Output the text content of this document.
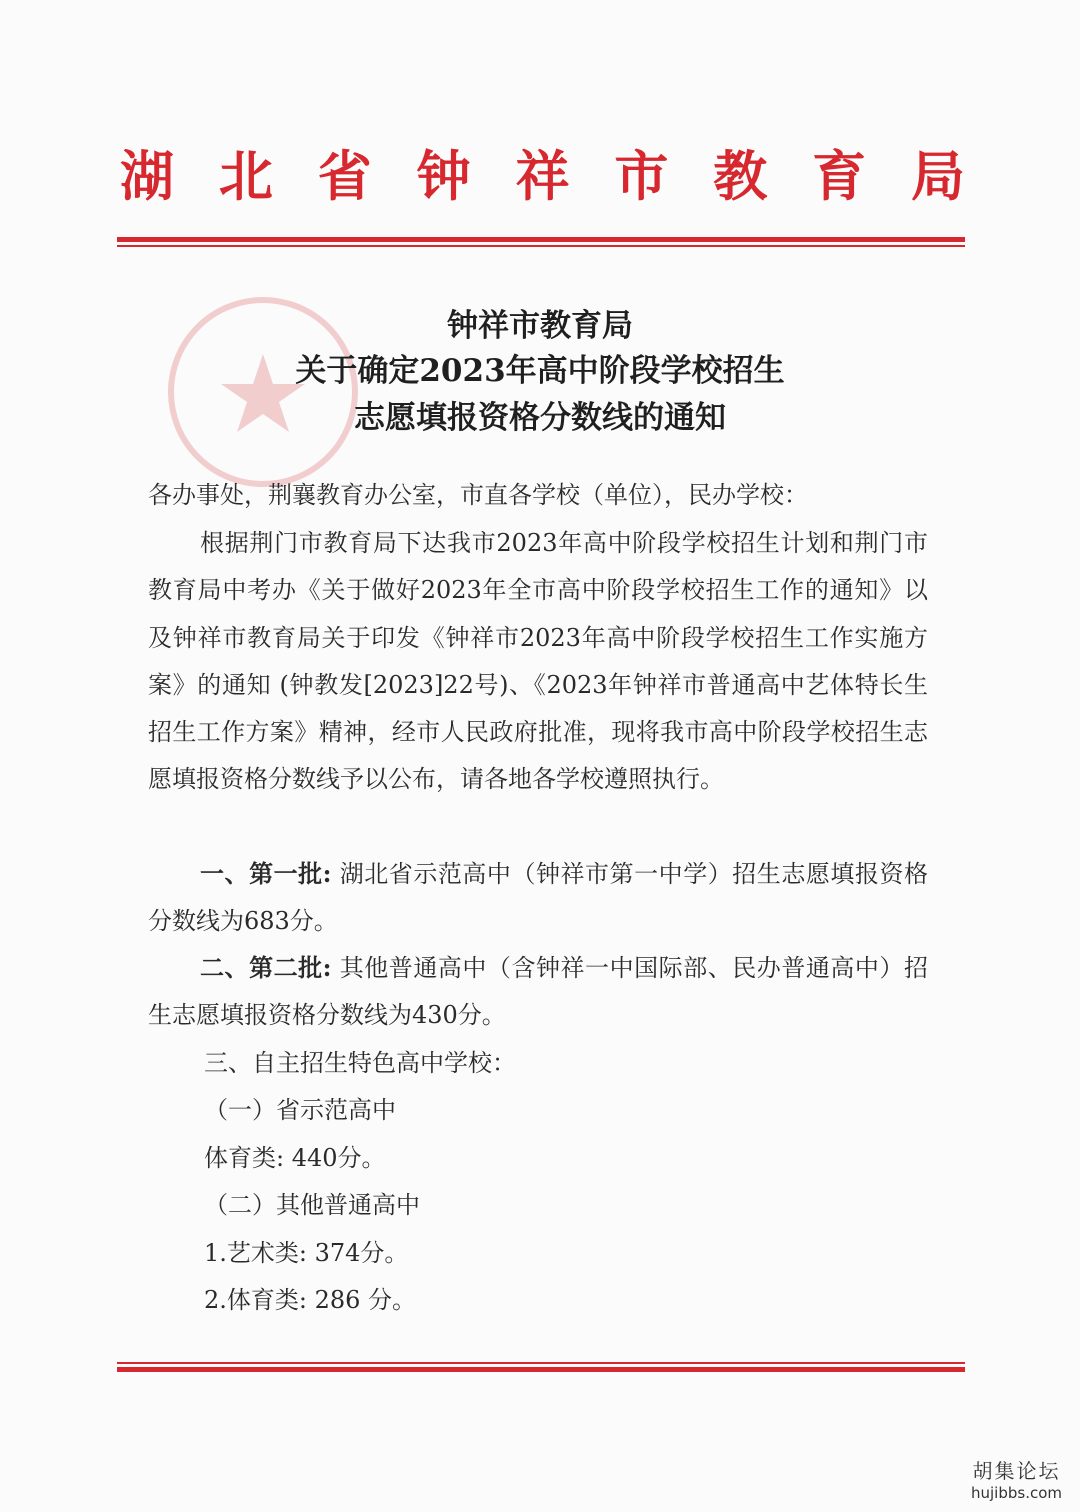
湖 北 省 钟 祥 市 教 育 局
钟祥市教育局
关于确定2023年高中阶段学校招生
志愿填报资格分数线的通知
各办事处，荆襄教育办公室，市直各学校（单位），民办学校：
根据荆门市教育局下达我市2023年高中阶段学校招生计划和荆门市教育局中考办《关于做好2023年全市高中阶段学校招生工作的通知》以及钟祥市教育局关于印发《钟祥市2023年高中阶段学校招生工作实施方案》的通知 (钟教发[2023]22号)、《2023年钟祥市普通高中艺体特长生招生工作方案》精神，经市人民政府批准，现将我市高中阶段学校招生志愿填报资格分数线予以公布，请各地各学校遵照执行。
一、第一批: 湖北省示范高中（钟祥市第一中学）招生志愿填报资格分数线为683分。
二、第二批: 其他普通高中（含钟祥一中国际部、民办普通高中）招生志愿填报资格分数线为430分。
三、自主招生特色高中学校：
（一）省示范高中
体育类: 440分。
（二）其他普通高中
1.艺术类: 374分。
2.体育类: 286 分。
胡集论坛
hujibbs.com
